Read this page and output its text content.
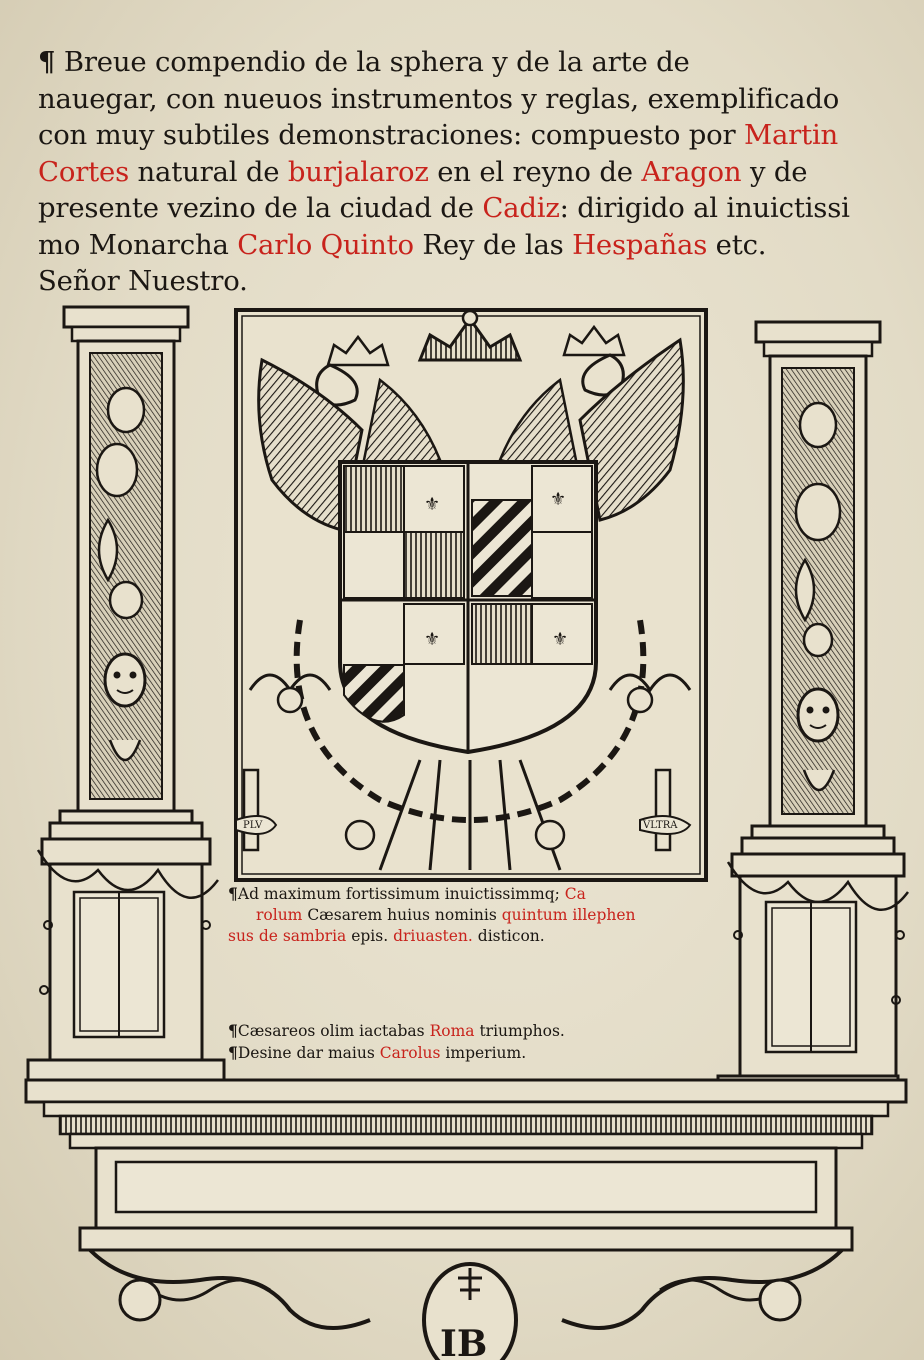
¶ Breue compendio de la sphera y de la arte de
nauegar, con nueuos instrumentos y reglas, exemplificado
con muy subtiles demonstraciones: compuesto por Martin
Cortes natural de burjalaroz en el reyno de Aragon y de
presente vezino de la ciudad de Cadiz: dirigido al inuictissi
mo Monarcha Carlo Quinto Rey de las Hespañas etc.
Señor Nuestro.
⚜	⚜
⚜	⚜
PLV	VLTRA
IB
¶Ad maximum fortissimum inuictissimmq; Ca
rolum Cæsarem huius nominis quintum illephen
sus de sambria epis. driuasten. disticon.
¶Cæsareos olim iactabas Roma triumphos.
¶Desine dar maius Carolus imperium.
